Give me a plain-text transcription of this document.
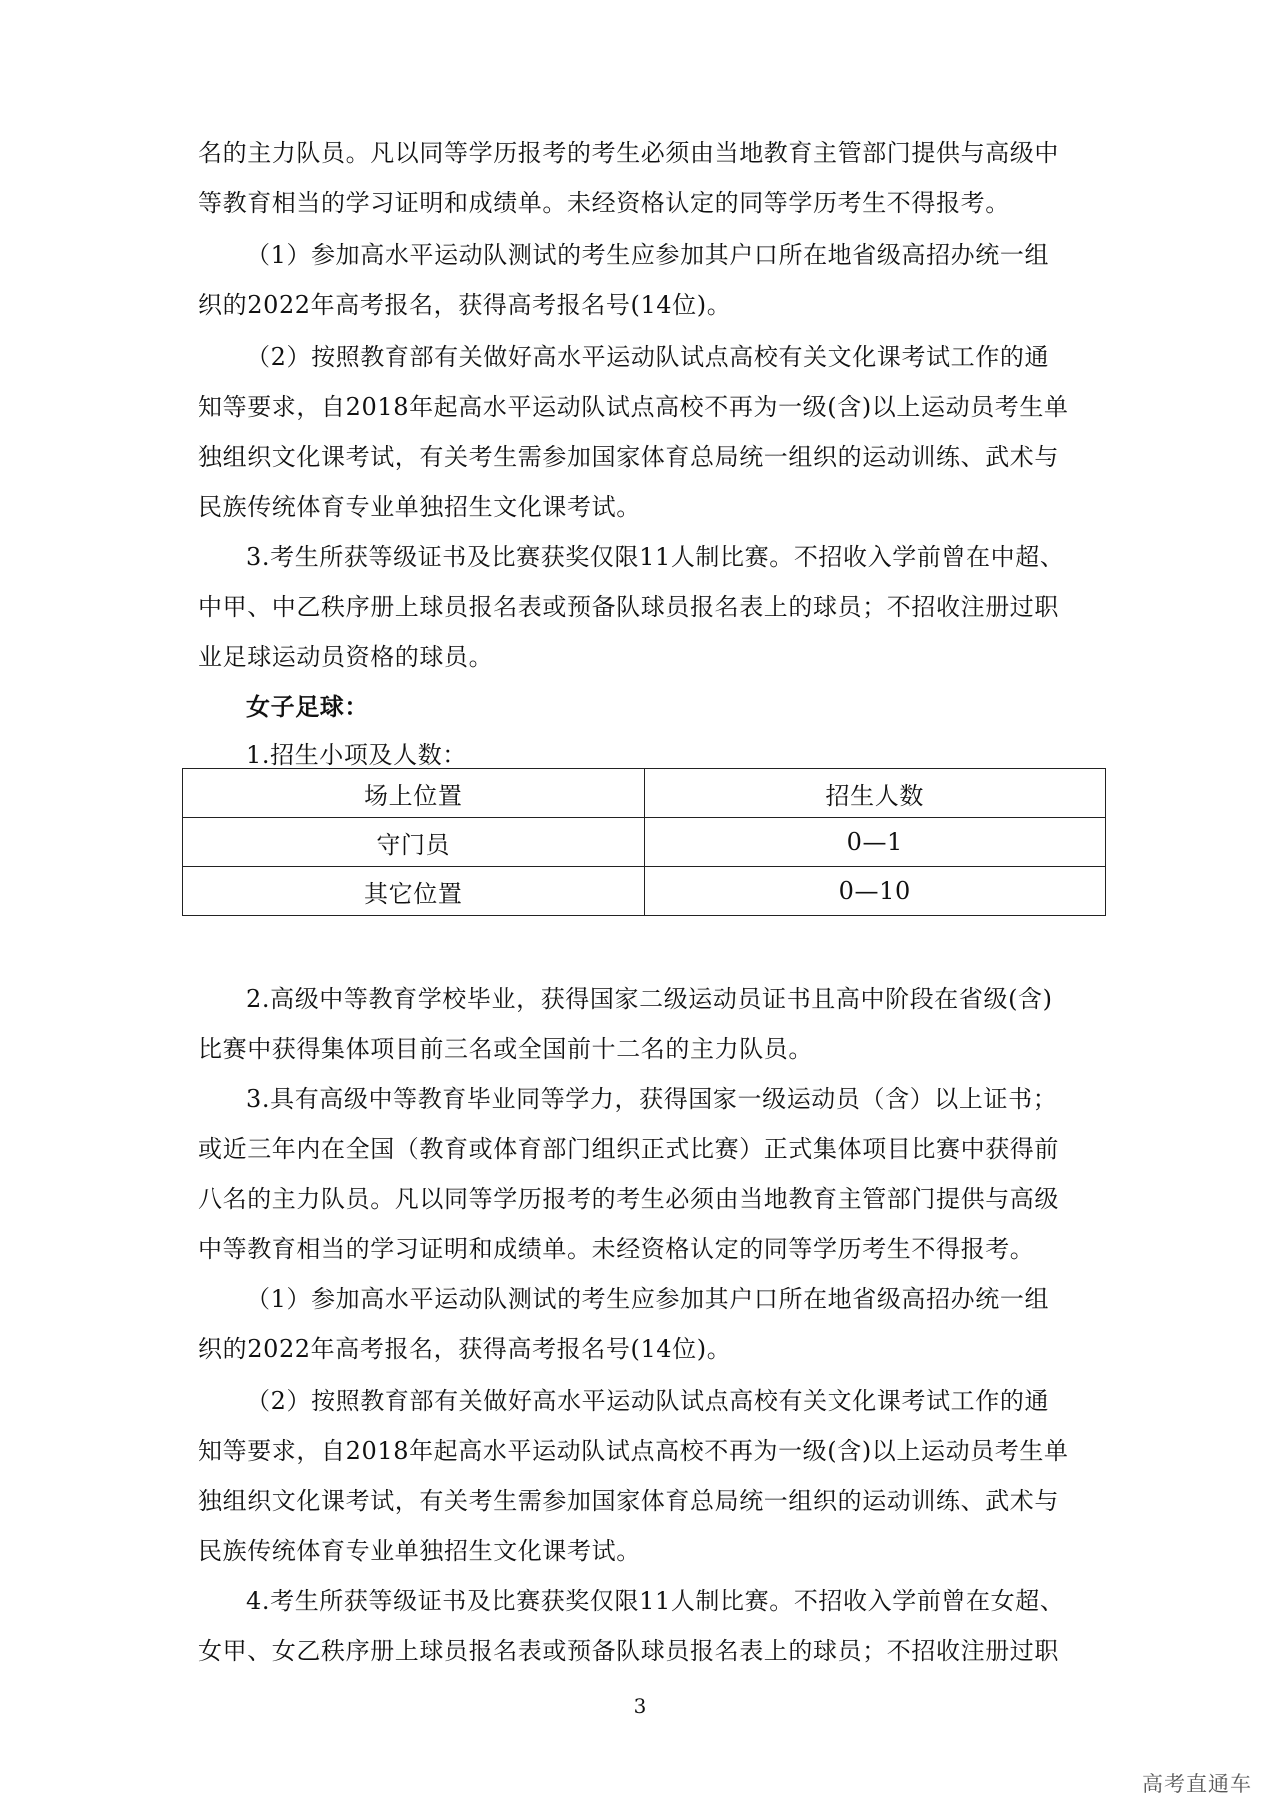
名的主力队员。凡以同等学历报考的考生必须由当地教育主管部门提供与高级中
等教育相当的学习证明和成绩单。未经资格认定的同等学历考生不得报考。
（1）参加高水平运动队测试的考生应参加其户口所在地省级高招办统一组
织的2022年高考报名，获得高考报名号(14位)。
（2）按照教育部有关做好高水平运动队试点高校有关文化课考试工作的通
知等要求，自2018年起高水平运动队试点高校不再为一级(含)以上运动员考生单
独组织文化课考试，有关考生需参加国家体育总局统一组织的运动训练、武术与
民族传统体育专业单独招生文化课考试。
3.考生所获等级证书及比赛获奖仅限11人制比赛。不招收入学前曾在中超、
中甲、中乙秩序册上球员报名表或预备队球员报名表上的球员；不招收注册过职
业足球运动员资格的球员。
女子足球：
1.招生小项及人数：
场上位置	招生人数
守门员	0—1
其它位置	0—10
2.高级中等教育学校毕业，获得国家二级运动员证书且高中阶段在省级(含)
比赛中获得集体项目前三名或全国前十二名的主力队员。
3.具有高级中等教育毕业同等学力，获得国家一级运动员（含）以上证书；
或近三年内在全国（教育或体育部门组织正式比赛）正式集体项目比赛中获得前
八名的主力队员。凡以同等学历报考的考生必须由当地教育主管部门提供与高级
中等教育相当的学习证明和成绩单。未经资格认定的同等学历考生不得报考。
（1）参加高水平运动队测试的考生应参加其户口所在地省级高招办统一组
织的2022年高考报名，获得高考报名号(14位)。
（2）按照教育部有关做好高水平运动队试点高校有关文化课考试工作的通
知等要求，自2018年起高水平运动队试点高校不再为一级(含)以上运动员考生单
独组织文化课考试，有关考生需参加国家体育总局统一组织的运动训练、武术与
民族传统体育专业单独招生文化课考试。
4.考生所获等级证书及比赛获奖仅限11人制比赛。不招收入学前曾在女超、
女甲、女乙秩序册上球员报名表或预备队球员报名表上的球员；不招收注册过职
3
高考直通车
